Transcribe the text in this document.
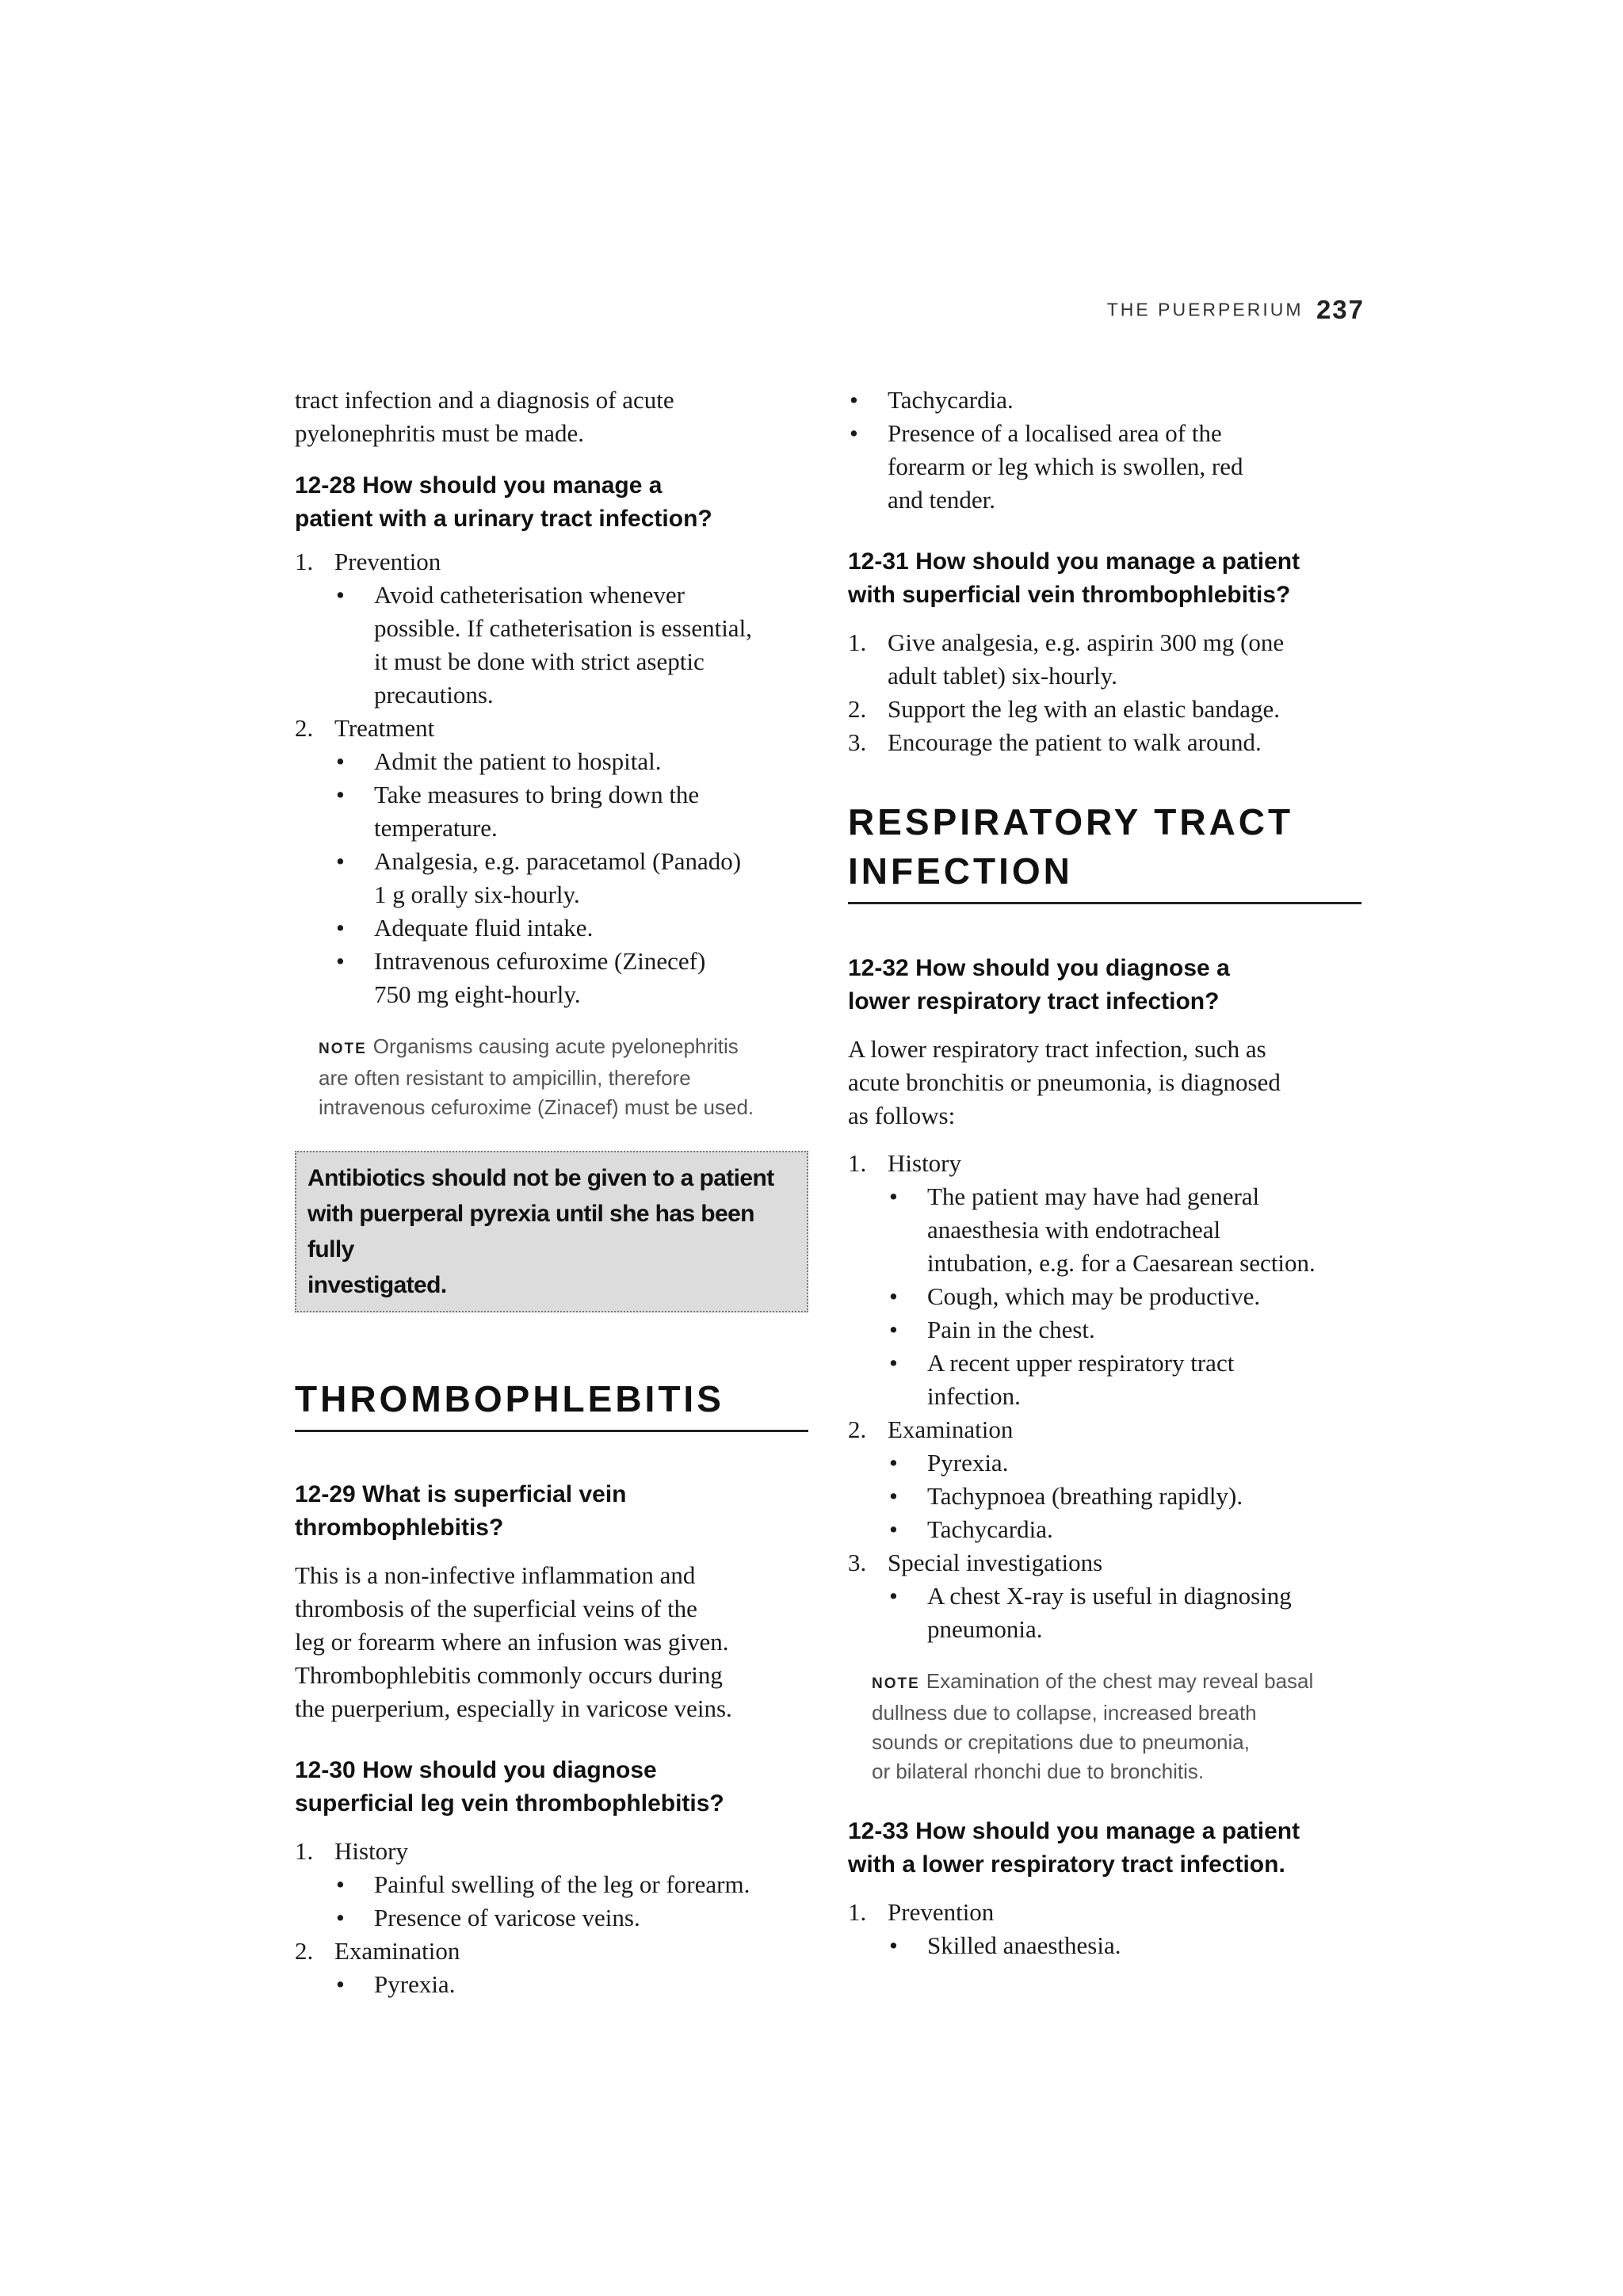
THE PUERPERIUM 237

tract infection and a diagnosis of acute
pyelonephritis must be made.

12-28 How should you manage a
patient with a urinary tract infection?

1. Prevention
• Avoid catheterisation whenever
possible. If catheterisation is essential,
it must be done with strict aseptic
precautions.
2. Treatment
• Admit the patient to hospital.
• Take measures to bring down the
temperature.
• Analgesia, e.g. paracetamol (Panado)
1 g orally six-hourly.
• Adequate fluid intake.
• Intravenous cefuroxime (Zinecef)
750 mg eight-hourly.

NOTE Organisms causing acute pyelonephritis
are often resistant to ampicillin, therefore
intravenous cefuroxime (Zinacef) must be used.

Antibiotics should not be given to a patient
with puerperal pyrexia until she has been fully
investigated.
THROMBOPHLEBITIS

12-29 What is superficial vein
thrombophlebitis?

This is a non-infective inflammation and
thrombosis of the superficial veins of the
leg or forearm where an infusion was given.
Thrombophlebitis commonly occurs during
the puerperium, especially in varicose veins.

12-30 How should you diagnose
superficial leg vein thrombophlebitis?

1. History
• Painful swelling of the leg or forearm.
• Presence of varicose veins.
2. Examination
• Pyrexia.
• Tachycardia.
• Presence of a localised area of the
forearm or leg which is swollen, red
and tender.

12-31 How should you manage a patient
with superficial vein thrombophlebitis?

1. Give analgesia, e.g. aspirin 300 mg (one
adult tablet) six-hourly.
2. Support the leg with an elastic bandage.
3. Encourage the patient to walk around.
RESPIRATORY TRACT
INFECTION

12-32 How should you diagnose a
lower respiratory tract infection?

A lower respiratory tract infection, such as
acute bronchitis or pneumonia, is diagnosed
as follows:

1. History
• The patient may have had general
anaesthesia with endotracheal
intubation, e.g. for a Caesarean section.
• Cough, which may be productive.
• Pain in the chest.
• A recent upper respiratory tract
infection.
2. Examination
• Pyrexia.
• Tachypnoea (breathing rapidly).
• Tachycardia.
3. Special investigations
• A chest X-ray is useful in diagnosing
pneumonia.

NOTE Examination of the chest may reveal basal
dullness due to collapse, increased breath
sounds or crepitations due to pneumonia,
or bilateral rhonchi due to bronchitis.

12-33 How should you manage a patient
with a lower respiratory tract infection.

1. Prevention
• Skilled anaesthesia.
